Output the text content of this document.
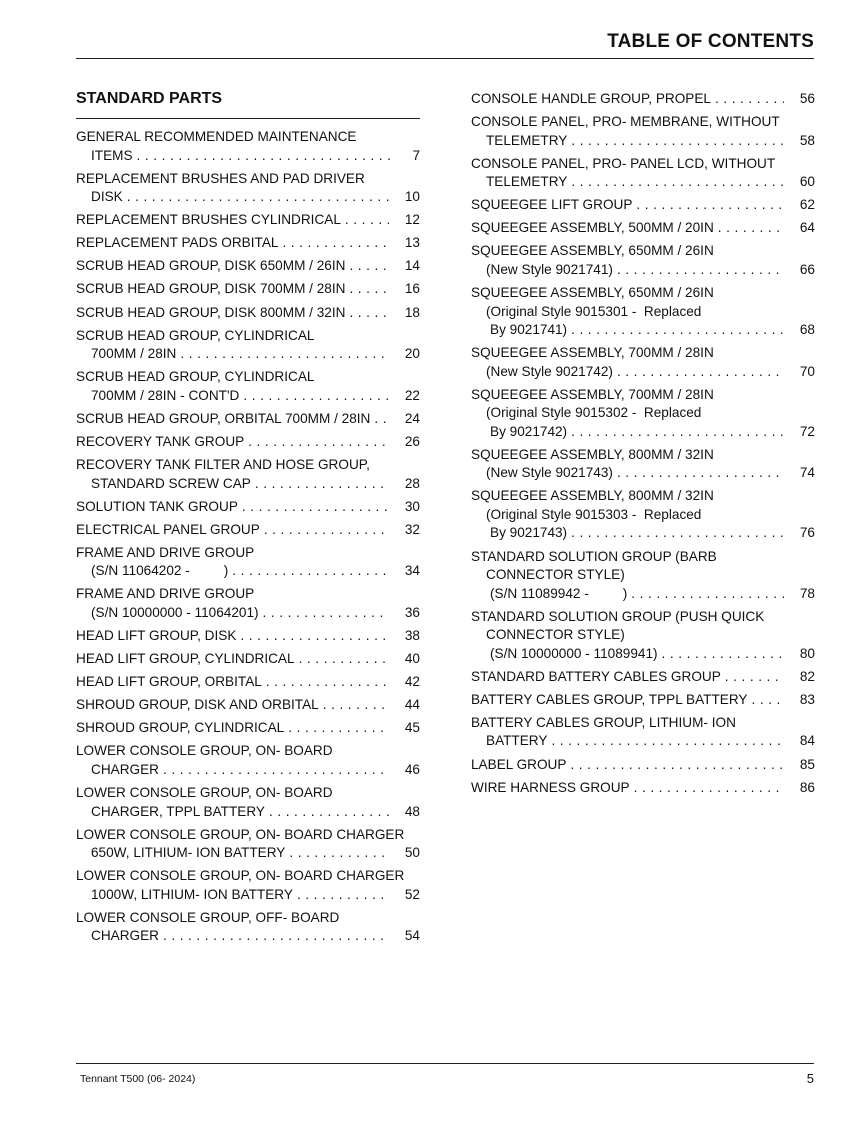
TABLE OF CONTENTS
STANDARD PARTS
GENERAL RECOMMENDED MAINTENANCE
ITEMS . . .	7
REPLACEMENT BRUSHES AND PAD DRIVER
DISK . . .	10
REPLACEMENT BRUSHES CYLINDRICAL . . .	12
REPLACEMENT PADS ORBITAL . . .	13
SCRUB HEAD GROUP, DISK 650MM / 26IN . . .	14
SCRUB HEAD GROUP, DISK 700MM / 28IN . . .	16
SCRUB HEAD GROUP, DISK 800MM / 32IN . . .	18
SCRUB HEAD GROUP, CYLINDRICAL
700MM / 28IN . . .	20
SCRUB HEAD GROUP, CYLINDRICAL
700MM / 28IN - CONT'D . . .	22
SCRUB HEAD GROUP, ORBITAL 700MM / 28IN . . .	24
RECOVERY TANK GROUP . . .	26
RECOVERY TANK FILTER AND HOSE GROUP,
STANDARD SCREW CAP . . .	28
SOLUTION TANK GROUP . . .	30
ELECTRICAL PANEL GROUP . . .	32
FRAME AND DRIVE GROUP
(S/N 11064202 -         ) . . .	34
FRAME AND DRIVE GROUP
(S/N 10000000 - 11064201) . . .	36
HEAD LIFT GROUP, DISK . . .	38
HEAD LIFT GROUP, CYLINDRICAL . . .	40
HEAD LIFT GROUP, ORBITAL . . .	42
SHROUD GROUP, DISK AND ORBITAL . . .	44
SHROUD GROUP, CYLINDRICAL . . .	45
LOWER CONSOLE GROUP, ON- BOARD
CHARGER . . .	46
LOWER CONSOLE GROUP, ON- BOARD
CHARGER, TPPL BATTERY . . .	48
LOWER CONSOLE GROUP, ON- BOARD CHARGER
650W, LITHIUM- ION BATTERY . . .	50
LOWER CONSOLE GROUP, ON- BOARD CHARGER
1000W, LITHIUM- ION BATTERY . . .	52
LOWER CONSOLE GROUP, OFF- BOARD
CHARGER . . .	54
CONSOLE HANDLE GROUP, PROPEL . . .	56
CONSOLE PANEL, PRO- MEMBRANE, WITHOUT
TELEMETRY . . .	58
CONSOLE PANEL, PRO- PANEL LCD, WITHOUT
TELEMETRY . . .	60
SQUEEGEE LIFT GROUP . . .	62
SQUEEGEE ASSEMBLY, 500MM / 20IN . . .	64
SQUEEGEE ASSEMBLY, 650MM / 26IN
(New Style 9021741) . . .	66
SQUEEGEE ASSEMBLY, 650MM / 26IN
(Original Style 9015301 -  Replaced
By 9021741) . . .	68
SQUEEGEE ASSEMBLY, 700MM / 28IN
(New Style 9021742) . . .	70
SQUEEGEE ASSEMBLY, 700MM / 28IN
(Original Style 9015302 -  Replaced
By 9021742) . . .	72
SQUEEGEE ASSEMBLY, 800MM / 32IN
(New Style 9021743) . . .	74
SQUEEGEE ASSEMBLY, 800MM / 32IN
(Original Style 9015303 -  Replaced
By 9021743) . . .	76
STANDARD SOLUTION GROUP (BARB
CONNECTOR STYLE)
(S/N 11089942 -         ) . . .	78
STANDARD SOLUTION GROUP (PUSH QUICK
CONNECTOR STYLE)
(S/N 10000000 - 11089941) . . .	80
STANDARD BATTERY CABLES GROUP . . .	82
BATTERY CABLES GROUP, TPPL BATTERY . . .	83
BATTERY CABLES GROUP, LITHIUM- ION
BATTERY . . .	84
LABEL GROUP . . .	85
WIRE HARNESS GROUP . . .	86
Tennant T500 (06- 2024)	5
